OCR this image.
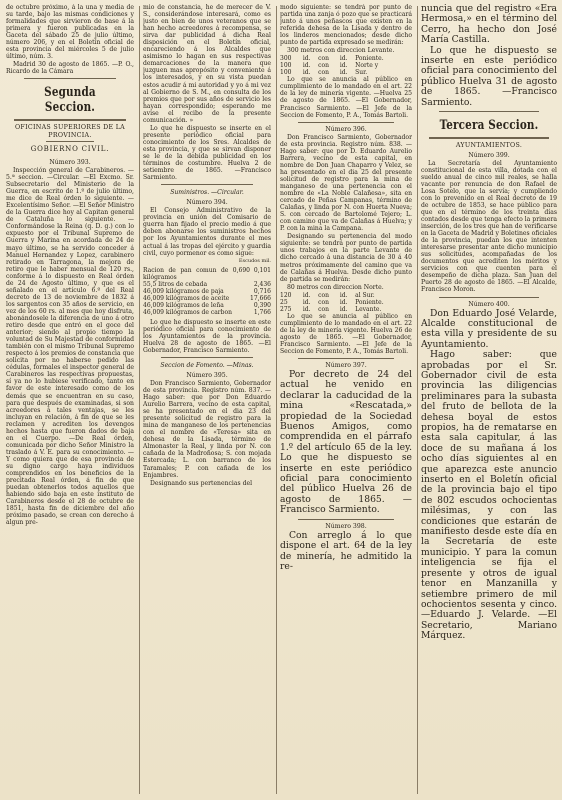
de octubre próximo, á la una y media de su tarde, bajo las mismas condiciones y formalidades que sirvieron de base á la primera y fueron publicadas en la Gaceta del sábado 25 de julio último, número 206, y en el Boletín oficial de esta provincia del miércoles 5 de julio último, núm. 3.

Madrid 30 de agosto de 1865. —P. O., Ricardo de la Cámara

Segunda Seccion.
OFICINAS SUPERIORES DE LA PROVINCIA.
GOBIERNO CIVIL.
Número 393.

Inspección general de Carabineros. —5.ª seccion. —Circular. —El Excmo. Sr. Subsecretario del Ministerio de la Guerra, en escrito de 1.º de julio último, me dice de Real órden lo siguiente. —Excelentísimo Señor. —El Señor Ministro de la Guerra dice hoy al Capitan general de Cataluña lo siguiente. —Conformándose la Reina (q. D. g.) con lo expuesto por el Tribunal Supremo de Guerra y Marina en acordada de 24 de mayo último, se ha servido conceder á Manuel Hernandez y Lopez, carabinero retirado en Tarragona, la mejora de retiro que le haber mensual de 120 rs., conforme á lo dispuesto en Real órden de 24 de Agosto último, y que es el señalado en el artículo 6.º del Real decreto de 13 de noviembre de 1832 á los sargentos con 35 años de servicio, en vez de los 60 rs. al mes que hoy disfruta, abonándosele la diferencia de uno á otro retiro desde que entró en el goce del anterior; siendo al propio tiempo la voluntad de Su Majestad de conformidad también con el mismo Tribunal Supremo respecto á los premios de constancia que solicita por no haberse pedido las cédulas, formales el inspector general de Carabineros las respectivas propuestas, sí ya no lo hubiese verificado, tanto en favor de este interesado como de los demás que se encuentran en su caso, para que después de examinadas, si son acreedores á tales ventajas, se les incluyan en relación, á fin de que se les reclamen y acrediten los devengos hechos hasta que fueron dados de baja en el Cuerpo. —De Real órden, comunicada por dicho Señor Ministro la traslado á V. E. para su conocimiento. —Y como quiera que de esa provincia de su digno cargo haya individuos comprendidos en los beneficios de la precitada Real órden, á fin de que puedan obtenerlos todos aquellos que habiendo sido baja en este instituto de Carabineros desde el 28 de octubre de 1851, hasta fin de diciembre del año próximo pasado, se crean con derecho á algun pre-

mio de constancia, he de merecer de V. S., considerándose interesará, como es justo en bien de unos veteranos que se han hecho acreedores á recompensa, se sirva dar publicidad á dicha Real disposición en el Boletín oficial, encareciendo á los Alcaldes que asimismo lo hagan en sus respectivas demarcaciones de la manera que juzguen mas apropósito y conveniente á los interesados, y en su vista puedan estos acudir á mi autoridad y yo á mi vez al Gobierno de S. M., en consulta de los premios que por sus años de servicio les hayan correspondido; esperando me avise el recibo de la presente comunicación. »

Lo que he dispuesto se inserte en el presente periódico oficial para conocimiento de los Sres. Alcaldes de esta provincia, y que se sirvan disponer se le de la debida publicidad en los términos de costumbre. Huelva 2 de setiembre de 1865. —Francisco Sarmiento.

Suministros. —Circular.
Número 394.

El Consejo Administrativo de la provincia en unión del Comisario de guerra han fijado el precio medio á que deben abonarse los suministros hechos por los Ayuntamientos durante el mes actual á las tropas del ejército y guardia civil, cuyo pormenor es como sigue:

Escudos mil.
Racion de pan comun de 0,690 kilógramos	0,101
55,5 litros de cebada	2,436
46,009 kilógramos de paja	0,716
46,009 kilógramos de aceite	17,666
46,009 kilógramos de leña	0,390
46,009 kilógramos de carbon	1,766

Lo que he dispuesto se inserte en este periódico oficial para conocimiento de los Ayuntamientos de la provincia. Huelva 28 de agosto de 1865. —El Gobernador, Francisco Sarmiento.

Seccion de Fomento. —Minas.
Número 395.

Don Francisco Sarmiento, Gobernador de esta provincia. Registro núm. 837. —Hago saber: que por Don Eduardo Aurelio Barrera, vecino de esta capital, se ha presentado en el dia 23 del presente solicitud de registro para la mina de manganeso de los pertenencias con el nombre de «Teresa» sita en dehesa de la Lisada, término de Almonaster la Real, y linda por N. con cañada de la Madroñosa; S. con mojada Estercada; L. con barranco de los Taramales; P. con cañada de los Enjambres.

Designando sus pertenencias del

modo siguiente: se tendrá por punto de partida una zanja ó pozo que se practicará junto á unos peñascos que existen en la referida dehesa de la Lisada y dentro de los linderos mencionados; desde dicho punto de partida expresado se medirán:

300 metros con direccion Levante.

300	id.	con	id.	Poniente.
100	id.	con	id.	Norte y
100	id.	con	id.	Sur.

Lo que se anuncia al público en cumplimiento de lo mandado en el art. 22 de la ley de minería vigente. —Huelva 25 de agosto de 1865. —El Gobernador, Francisco Sarmiento. —El Jefe de la Seccion de Fomento, P. A., Tomás Bartoli.

Número 396.

Don Francisco Sarmiento, Gobernador de esta provincia. Registro núm. 838. —Hago saber: que por D. Eduardo Aurelio Barrera, vecino de esta capital, en nombre de Don Juan Chaparro y Velez, se ha presentado en el dia 25 del presente solicitud de registro para la mina de manganeso de una pertenencia con el nombre de «La Noble Calañesa», sita en cercado de Peñas Campanas, término de Calañas, y linda por N. con Huerta Nueva; S. con cercado de Bartolomé Tejero; L. con camino que va de Calañas á Huelva; y P. con la mina la Campana.

Designando su pertenencia del modo siguiente: se tendrá por punto de partida unos trabajos en la parte Levante de dicho cercado á una distancia de 30 á 40 metros próximamente del camino que va de Calañas á Huelva. Desde dicho punto de partida se medirán:

80 metros con direccion Norte.

120	id.	con	id.	al Sur.
25	id.	con	id.	Poniente.
275	id.	con	id.	Levante.

Lo que se anuncia al público en cumplimiento de lo mandado en el art. 22 de la ley de minería vigente. Huelva 26 de agosto de 1865. —El Gobernador, Francisco Sarmiento. —El Jefe de la Seccion de Fomento, P. A., Tomás Bartoli.

Número 397.

Por decreto de 24 del actual he venido en declarar la caducidad de la mina «Rescatada,» propiedad de la Sociedad Buenos Amigos, como comprendida en el párrafo 1.º del artículo 65 de la ley. Lo que he dispuesto se inserte en este periódico oficial para conocimiento del público Huelva 26 de agosto de 1865. —Francisco Sarmiento.

Número 398.

Con arreglo á lo que dispone el art. 64 de la ley de minería, he admitido la re-

nuncia que del registro «Era Hermosa,» en el término del Cerro, ha hecho don José María Castilla.

Lo que he dispuesto se inserte en este periódico oficial para conocimiento del público Huelva 31 de agosto de 1865. —Francisco Sarmiento.

Tercera Seccion.
AYUNTAMIENTOS.
Número 399.

La Secretaría del Ayuntamiento constitucional de esta villa, dotada con el sueldo anual de cinco mil reales, se halla vacante por renuncia de don Rafael de Losa Sotelo, que la servía; y cumpliendo con lo prevenido en el Real decreto de 19 de octubre de 1853, se hace público para que en el término de los treinta días contados desde que tenga efecto la primera inserción, de los tres que han de verificarse en la Gaceta de Madrid y Boletines oficiales de la provincia, puedan los que intenten interesarse presentar ante dicho municipio sus solicitudes, acompañadas de los documentos que acrediten los méritos y servicios con que cuenten para el desempeño de dicha plaza. San Juan del Puerto 28 de agosto de 1865. —El Alcalde, Francisco Moron.

Número 400.

Don Eduardo José Velarde, Alcalde constitucional de esta villa y presidente de su Ayuntamiento.

Hago saber: que aprobadas por el Sr. Gobernador civil de esta provincia las diligencias preliminares para la subasta del fruto de bellota de la dehesa boyal de estos propios, ha de rematarse en esta sala capitular, á las doce de su mañana á los ocho días siguientes al en que aparezca este anuncio inserto en el Boletín oficial de la provincia bajo el tipo de 802 escudos ochocientas milésimas, y con las condiciones que estarán de manifiesto desde este día en la Secretaría de este municipio. Y para la comun inteligencia se fija el presente y otros de igual tenor en Manzanilla y setiembre primero de mil ochocientos sesenta y cinco. —Eduardo J. Velarde. —El Secretario, Mariano Márquez.
